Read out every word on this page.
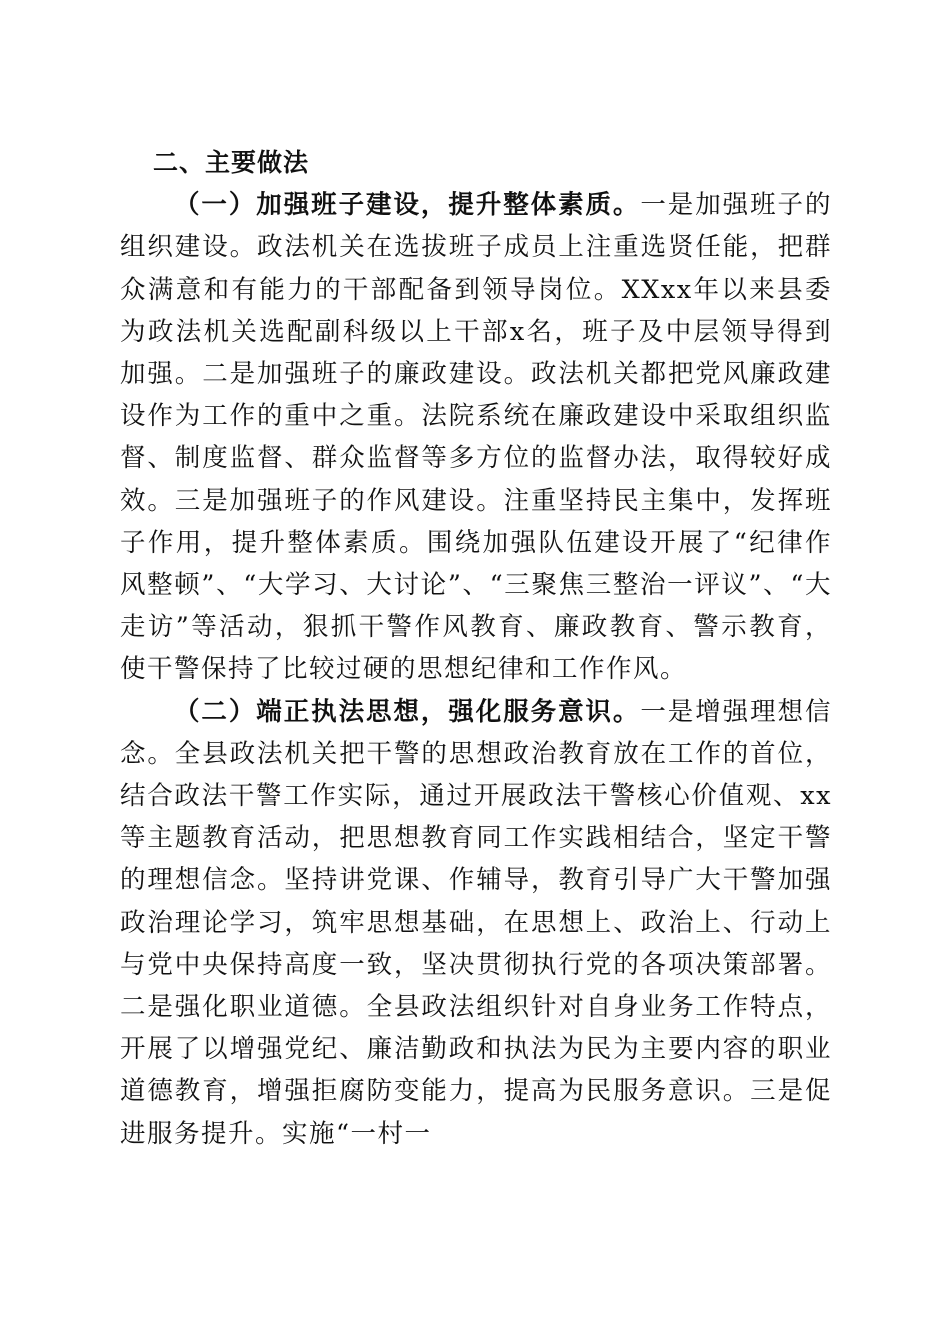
二、主要做法

（一）加强班子建设，提升整体素质。一是加强班子的组织建设。政法机关在选拔班子成员上注重选贤任能，把群众满意和有能力的干部配备到领导岗位。XXxx年以来县委为政法机关选配副科级以上干部x名，班子及中层领导得到加强。二是加强班子的廉政建设。政法机关都把党风廉政建设作为工作的重中之重。法院系统在廉政建设中采取组织监督、制度监督、群众监督等多方位的监督办法，取得较好成效。三是加强班子的作风建设。注重坚持民主集中，发挥班子作用，提升整体素质。围绕加强队伍建设开展了“纪律作风整顿”、“大学习、大讨论”、“三聚焦三整治一评议”、“大走访”等活动，狠抓干警作风教育、廉政教育、警示教育，使干警保持了比较过硬的思想纪律和工作作风。

（二）端正执法思想，强化服务意识。一是增强理想信念。全县政法机关把干警的思想政治教育放在工作的首位，结合政法干警工作实际，通过开展政法干警核心价值观、xx等主题教育活动，把思想教育同工作实践相结合，坚定干警的理想信念。坚持讲党课、作辅导，教育引导广大干警加强政治理论学习，筑牢思想基础，在思想上、政治上、行动上与党中央保持高度一致，坚决贯彻执行党的各项决策部署。二是强化职业道德。全县政法组织针对自身业务工作特点，开展了以增强党纪、廉洁勤政和执法为民为主要内容的职业道德教育，增强拒腐防变能力，提高为民服务意识。三是促进服务提升。实施“一村一
